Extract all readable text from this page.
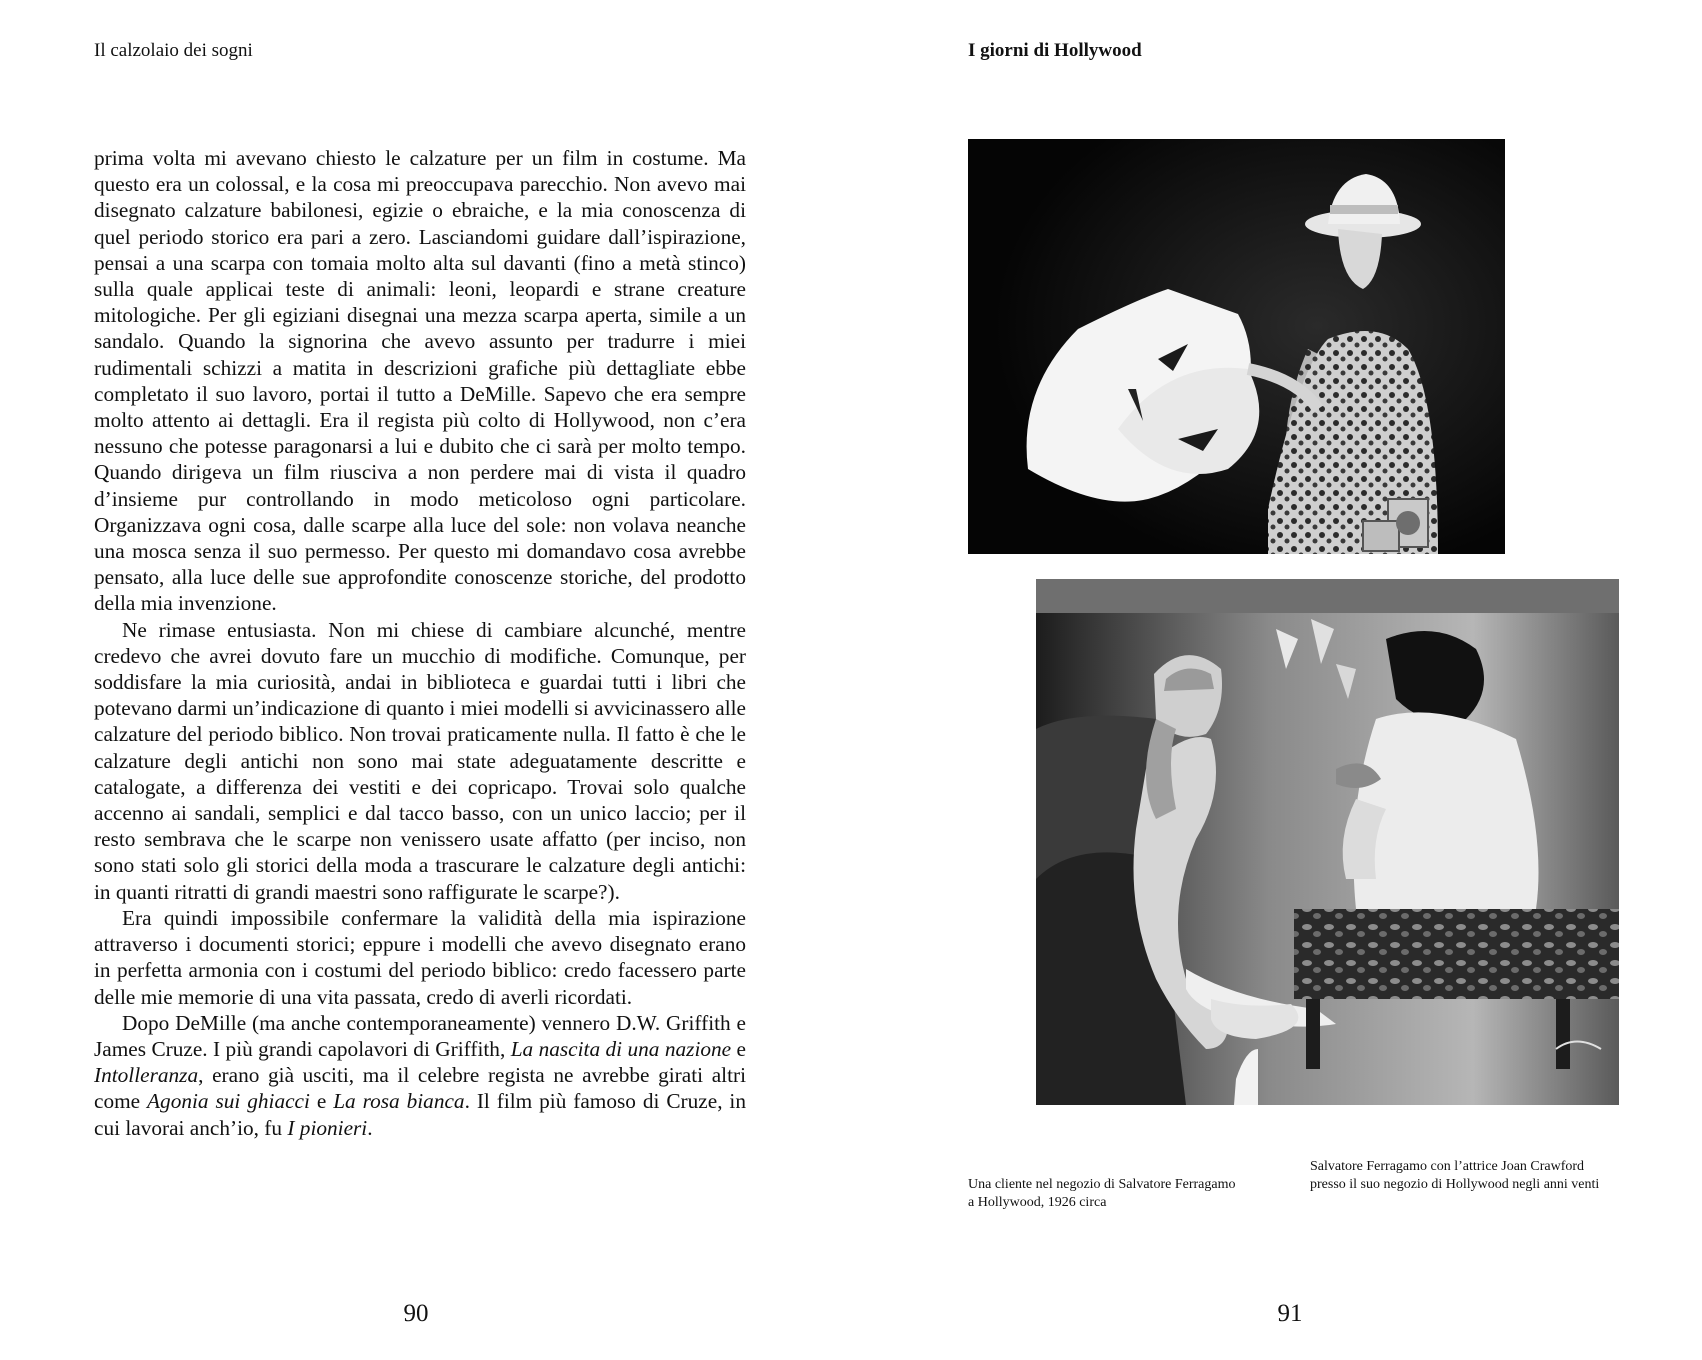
Il calzolaio dei sogni

prima volta mi avevano chiesto le calzature per un film in costume. Ma questo era un colossal, e la cosa mi preoccupava parecchio. Non avevo mai disegnato calzature babilonesi, egizie o ebraiche, e la mia conoscenza di quel periodo storico era pari a zero. Lasciandomi guidare dall’ispirazione, pensai a una scarpa con tomaia molto alta sul davanti (fino a metà stinco) sulla quale applicai teste di animali: leoni, leopardi e strane creature mitologiche. Per gli egiziani disegnai una mezza scarpa aperta, simile a un sandalo. Quando la signorina che avevo assunto per tradurre i miei rudimentali schizzi a matita in descrizioni grafiche più dettagliate ebbe completato il suo lavoro, portai il tutto a DeMille. Sapevo che era sempre molto attento ai dettagli. Era il regista più colto di Hollywood, non c’era nessuno che potesse paragonarsi a lui e dubito che ci sarà per molto tempo. Quando dirigeva un film riusciva a non perdere mai di vista il quadro d’insieme pur controllando in modo meticoloso ogni particolare. Organizzava ogni cosa, dalle scarpe alla luce del sole: non volava neanche una mosca senza il suo permesso. Per questo mi domandavo cosa avrebbe pensato, alla luce delle sue approfondite conoscenze storiche, del prodotto della mia invenzione.

Ne rimase entusiasta. Non mi chiese di cambiare alcunché, mentre credevo che avrei dovuto fare un mucchio di modifiche. Comunque, per soddisfare la mia curiosità, andai in biblioteca e guardai tutti i libri che potevano darmi un’indicazione di quanto i miei modelli si avvicinassero alle calzature del periodo biblico. Non trovai praticamente nulla. Il fatto è che le calzature degli antichi non sono mai state adeguatamente descritte e catalogate, a differenza dei vestiti e dei copricapo. Trovai solo qualche accenno ai sandali, semplici e dal tacco basso, con un unico laccio; per il resto sembrava che le scarpe non venissero usate affatto (per inciso, non sono stati solo gli storici della moda a trascurare le calzature degli antichi: in quanti ritratti di grandi maestri sono raffigurate le scarpe?).

Era quindi impossibile confermare la validità della mia ispirazione attraverso i documenti storici; eppure i modelli che avevo disegnato erano in perfetta armonia con i costumi del periodo biblico: credo facessero parte delle mie memorie di una vita passata, credo di averli ricordati.

Dopo DeMille (ma anche contemporaneamente) vennero D.W. Griffith e James Cruze. I più grandi capolavori di Griffith, La nascita di una nazione e Intolleranza, erano già usciti, ma il celebre regista ne avrebbe girati altri come Agonia sui ghiacci e La rosa bianca. Il film più famoso di Cruze, in cui lavorai anch’io, fu I pionieri.

90
I giorni di Hollywood
Una cliente nel negozio di Salvatore Ferragamo a Hollywood, 1926 circa
Salvatore Ferragamo con l’attrice Joan Crawford presso il suo negozio di Hollywood negli anni venti
91
